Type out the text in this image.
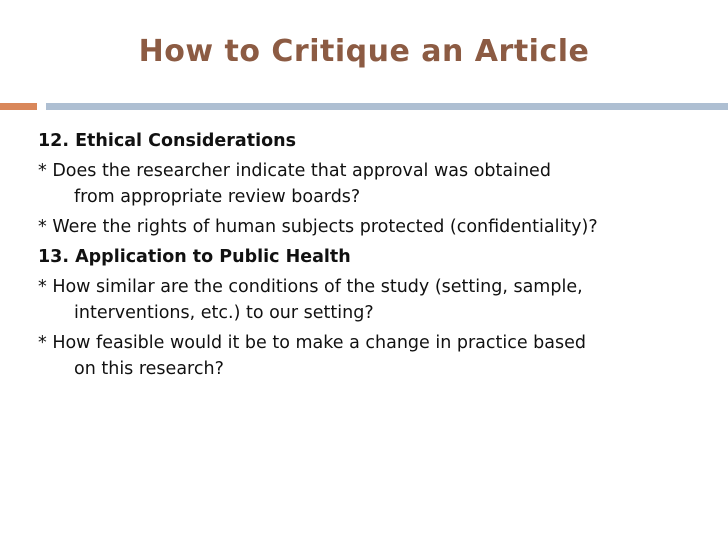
How to Critique an Article

12. Ethical Considerations

* Does the researcher indicate that approval was obtained

from appropriate review boards?

* Were the rights of human subjects protected (confidentiality)?

13. Application to Public Health

* How similar are the conditions of the study (setting, sample,

interventions, etc.) to our setting?

* How feasible would it be to make a change in practice based

on this research?
